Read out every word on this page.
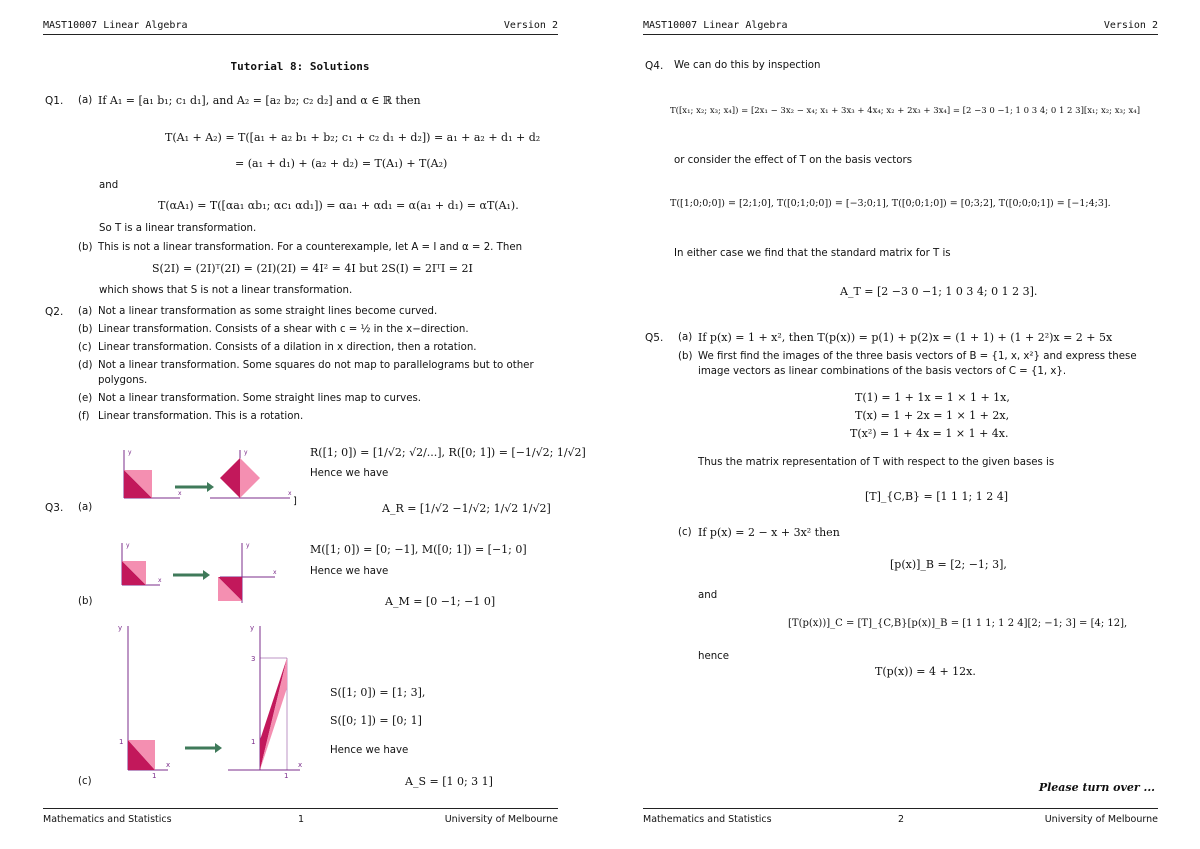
MAST10007 Linear Algebra	Version 2
Tutorial 8: Solutions
Q1. (a) If A₁ = [a₁ b₁; c₁ d₁], and A₂ = [a₂ b₂; c₂ d₂] and α ∈ ℝ then
T(A₁ + A₂) = T([a₁ + a₂ b₁ + b₂; c₁ + c₂ d₁ + d₂]) = a₁ + a₂ + d₁ + d₂
= (a₁ + d₁) + (a₂ + d₂) = T(A₁) + T(A₂)
and
T(αA₁) = T([αa₁ αb₁; αc₁ αd₁]) = αa₁ + αd₁ = α(a₁ + d₁) = αT(A₁).
So T is a linear transformation.
(b) This is not a linear transformation. For a counterexample, let A = I and α = 2. Then
S(2I) = (2I)ᵀ(2I) = (2I)(2I) = 4I² = 4I but 2S(I) = 2IᵀI = 2I
which shows that S is not a linear transformation.
Q2. (a) Not a linear transformation as some straight lines become curved.
(b) Linear transformation. Consists of a shear with c = ½ in the x−direction.
(c) Linear transformation. Consists of a dilation in x direction, then a rotation.
(d) Not a linear transformation. Some squares do not map to parallelograms but to other
polygons.
(e) Not a linear transformation. Some straight lines map to curves.
(f) Linear transformation. This is a rotation.
Q3. (a)
(b)
(c)
y
x
y
x
]
R([1; 0]) = [1/√2; √2/...], R([0; 1]) = [−1/√2; 1/√2]
Hence we have
A_R = [1/√2 −1/√2; 1/√2 1/√2]
y
x
y
x
M([1; 0]) = [0; −1], M([0; 1]) = [−1; 0]
Hence we have
A_M = [0 −1; −1 0]
y
x
1
1
y
x
1
3
1
S([1; 0]) = [1; 3],
S([0; 1]) = [0; 1]
Hence we have
A_S = [1 0; 3 1]
Mathematics and Statistics	1	University of Melbourne
MAST10007 Linear Algebra	Version 2
Q4. We can do this by inspection
T([x₁; x₂; x₃; x₄]) = [2x₁ − 3x₂ − x₄; x₁ + 3x₃ + 4x₄; x₂ + 2x₃ + 3x₄] = [2 −3 0 −1; 1 0 3 4; 0 1 2 3][x₁; x₂; x₃; x₄]
or consider the effect of T on the basis vectors
T([1;0;0;0]) = [2;1;0], T([0;1;0;0]) = [−3;0;1], T([0;0;1;0]) = [0;3;2], T([0;0;0;1]) = [−1;4;3].
In either case we find that the standard matrix for T is
A_T = [2 −3 0 −1; 1 0 3 4; 0 1 2 3].
Q5. (a) If p(x) = 1 + x², then T(p(x)) = p(1) + p(2)x = (1 + 1) + (1 + 2²)x = 2 + 5x
(b) We first find the images of the three basis vectors of B = {1, x, x²} and express these
image vectors as linear combinations of the basis vectors of C = {1, x}.
T(1) = 1 + 1x = 1 × 1 + 1x,
T(x) = 1 + 2x = 1 × 1 + 2x,
T(x²) = 1 + 4x = 1 × 1 + 4x.
Thus the matrix representation of T with respect to the given bases is
[T]_{C,B} = [1 1 1; 1 2 4]
(c) If p(x) = 2 − x + 3x² then
[p(x)]_B = [2; −1; 3],
and
[T(p(x))]_C = [T]_{C,B}[p(x)]_B = [1 1 1; 1 2 4][2; −1; 3] = [4; 12],
hence
T(p(x)) = 4 + 12x.
Please turn over ...
Mathematics and Statistics	2	University of Melbourne
